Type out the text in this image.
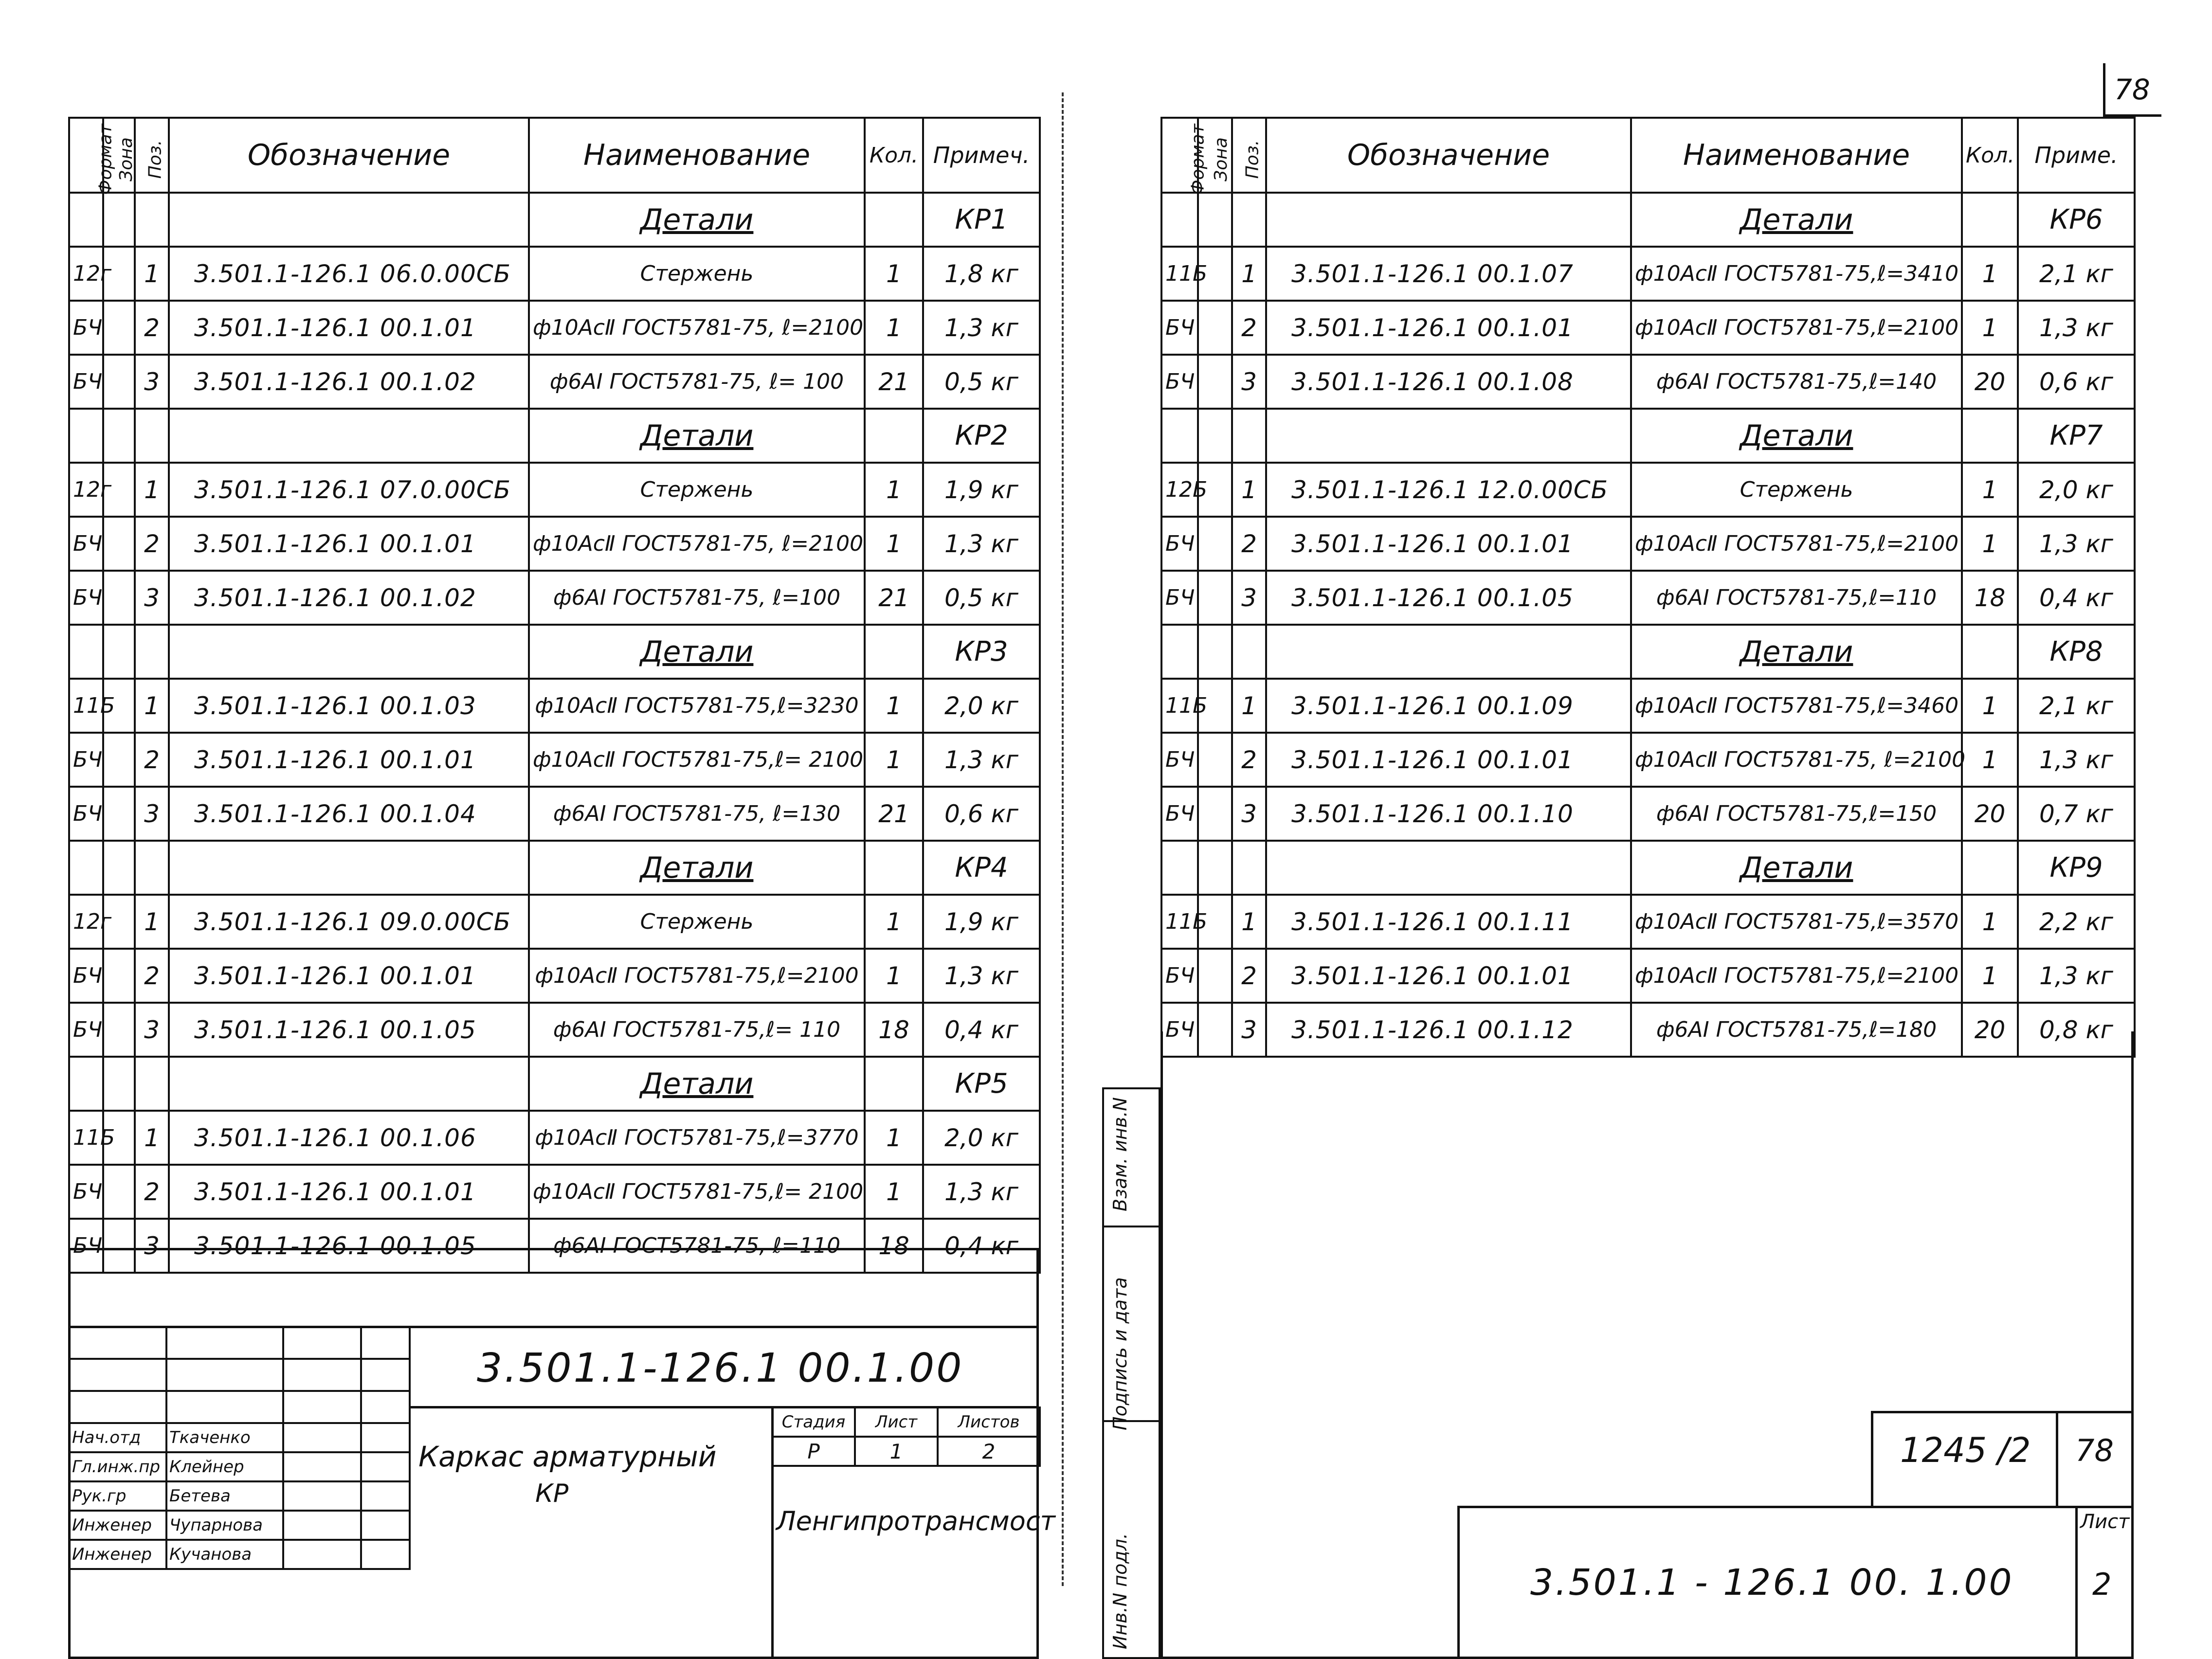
78
Формат	Зона	Поз.	Обозначение	Наименование	Кол.	Примеч.
				Детали		КР1
12г		1	3.501.1-126.1 06.0.00СБ	Стержень	1	1,8 кг
БЧ		2	3.501.1-126.1 00.1.01	ф10АсⅡ ГОСТ5781-75, ℓ=2100	1	1,3 кг
БЧ		3	3.501.1-126.1 00.1.02	ф6АⅠ ГОСТ5781-75, ℓ= 100	21	0,5 кг
				Детали		КР2
12г		1	3.501.1-126.1 07.0.00СБ	Стержень	1	1,9 кг
БЧ		2	3.501.1-126.1 00.1.01	ф10АсⅡ ГОСТ5781-75, ℓ=2100	1	1,3 кг
БЧ		3	3.501.1-126.1 00.1.02	ф6АⅠ ГОСТ5781-75, ℓ=100	21	0,5 кг
				Детали		КР3
11Б		1	3.501.1-126.1 00.1.03	ф10АсⅡ ГОСТ5781-75,ℓ=3230	1	2,0 кг
БЧ		2	3.501.1-126.1 00.1.01	ф10АсⅡ ГОСТ5781-75,ℓ= 2100	1	1,3 кг
БЧ		3	3.501.1-126.1 00.1.04	ф6АⅠ ГОСТ5781-75, ℓ=130	21	0,6 кг
				Детали		КР4
12г		1	3.501.1-126.1 09.0.00СБ	Стержень	1	1,9 кг
БЧ		2	3.501.1-126.1 00.1.01	ф10АсⅡ ГОСТ5781-75,ℓ=2100	1	1,3 кг
БЧ		3	3.501.1-126.1 00.1.05	ф6АⅠ ГОСТ5781-75,ℓ= 110	18	0,4 кг
				Детали		КР5
11Б		1	3.501.1-126.1 00.1.06	ф10АсⅡ ГОСТ5781-75,ℓ=3770	1	2,0 кг
БЧ		2	3.501.1-126.1 00.1.01	ф10АсⅡ ГОСТ5781-75,ℓ= 2100	1	1,3 кг
БЧ		3	3.501.1-126.1 00.1.05	ф6АⅠ ГОСТ5781-75, ℓ=110	18	0,4 кг

Нач.отд	Ткаченко		
Гл.инж.пр	Клейнер		
Рук.гр	Бетева		
Инженер	Чупарнова		
Инженер	Кучанова		
3.501.1-126.1 00.1.00
Каркас арматурный
КР
Стадия	Лист	Листов
Р	1	2
Ленгипротрансмост
Формат	Зона	Поз.	Обозначение	Наименование	Кол.	Приме.
				Детали		КР6
11Б		1	3.501.1-126.1 00.1.07	ф10АсⅡ ГОСТ5781-75,ℓ=3410	1	2,1 кг
БЧ		2	3.501.1-126.1 00.1.01	ф10АсⅡ ГОСТ5781-75,ℓ=2100	1	1,3 кг
БЧ		3	3.501.1-126.1 00.1.08	ф6АⅠ ГОСТ5781-75,ℓ=140	20	0,6 кг
				Детали		КР7
12Б		1	3.501.1-126.1 12.0.00СБ	Стержень	1	2,0 кг
БЧ		2	3.501.1-126.1 00.1.01	ф10АсⅡ ГОСТ5781-75,ℓ=2100	1	1,3 кг
БЧ		3	3.501.1-126.1 00.1.05	ф6АⅠ ГОСТ5781-75,ℓ=110	18	0,4 кг
				Детали		КР8
11Б		1	3.501.1-126.1 00.1.09	ф10АсⅡ ГОСТ5781-75,ℓ=3460	1	2,1 кг
БЧ		2	3.501.1-126.1 00.1.01	ф10АсⅡ ГОСТ5781-75, ℓ=2100	1	1,3 кг
БЧ		3	3.501.1-126.1 00.1.10	ф6АⅠ ГОСТ5781-75,ℓ=150	20	0,7 кг
				Детали		КР9
11Б		1	3.501.1-126.1 00.1.11	ф10АсⅡ ГОСТ5781-75,ℓ=3570	1	2,2 кг
БЧ		2	3.501.1-126.1 00.1.01	ф10АсⅡ ГОСТ5781-75,ℓ=2100	1	1,3 кг
БЧ		3	3.501.1-126.1 00.1.12	ф6АⅠ ГОСТ5781-75,ℓ=180	20	0,8 кг
Инв.N подл.
Подпись и дата
Взам. инв.N
1245 /2 78
3.501.1 - 126.1 00. 1.00
Лист
2
